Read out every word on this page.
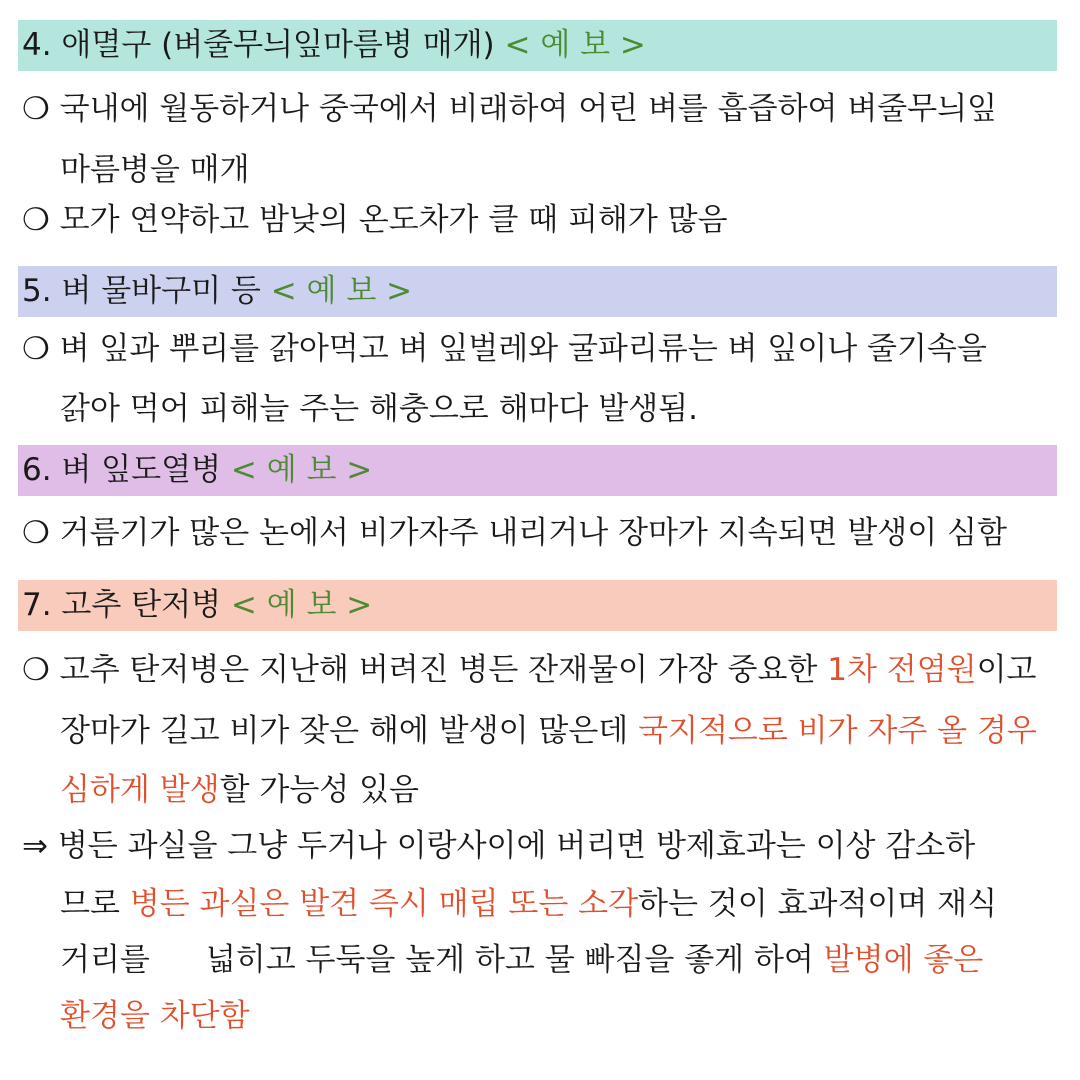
4. 애멸구 (벼줄무늬잎마름병 매개) < 예 보 >
❍ 국내에 월동하거나 중국에서 비래하여 어린 벼를 흡즙하여 벼줄무늬잎
마름병을 매개
❍ 모가 연약하고 밤낮의 온도차가 클 때 피해가 많음
5. 벼 물바구미 등 < 예 보 >
❍ 벼 잎과 뿌리를 갉아먹고 벼 잎벌레와 굴파리류는 벼 잎이나 줄기속을
갉아 먹어 피해늘 주는 해충으로 해마다 발생됨.
6. 벼 잎도열병 < 예 보 >
❍ 거름기가 많은 논에서 비가자주 내리거나 장마가 지속되면 발생이 심함
7. 고추 탄저병 < 예 보 >
❍ 고추 탄저병은 지난해 버려진 병든 잔재물이 가장 중요한 1차 전염원이고
장마가 길고 비가 잦은 해에 발생이 많은데 국지적으로 비가 자주 올 경우
심하게 발생할 가능성 있음
⇒ 병든 과실을 그냥 두거나 이랑사이에 버리면 방제효과는 이상 감소하
므로 병든 과실은 발견 즉시 매립 또는 소각하는 것이 효과적이며 재식
거리를 넓히고 두둑을 높게 하고 물 빠짐을 좋게 하여 발병에 좋은
환경을 차단함
